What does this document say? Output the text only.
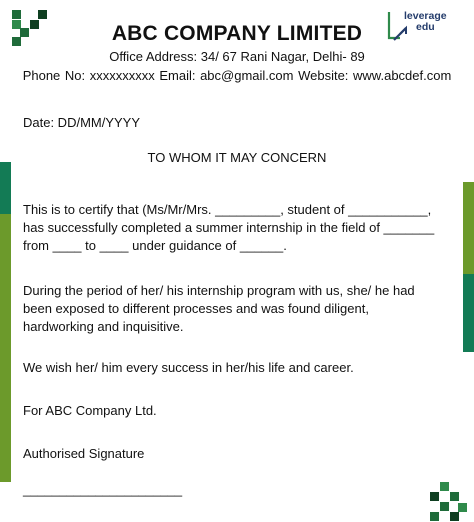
leverage
edu
ABC COMPANY LIMITED
Office Address: 34/ 67 Rani Nagar, Delhi- 89
Phone No: xxxxxxxxxx Email: abc@gmail.com Website: www.abcdef.com
Date: DD/MM/YYYY
TO WHOM IT MAY CONCERN
This is to certify that (Ms/Mr/Mrs. _________, student of ___________, has successfully completed a summer internship in the field of _______ from ____ to ____ under guidance of ______.
During the period of her/ his internship program with us, she/ he had been exposed to different processes and was found diligent, hardworking and inquisitive.
We wish her/ him every success in her/his life and career.
For ABC Company Ltd.
Authorised Signature
______________________
